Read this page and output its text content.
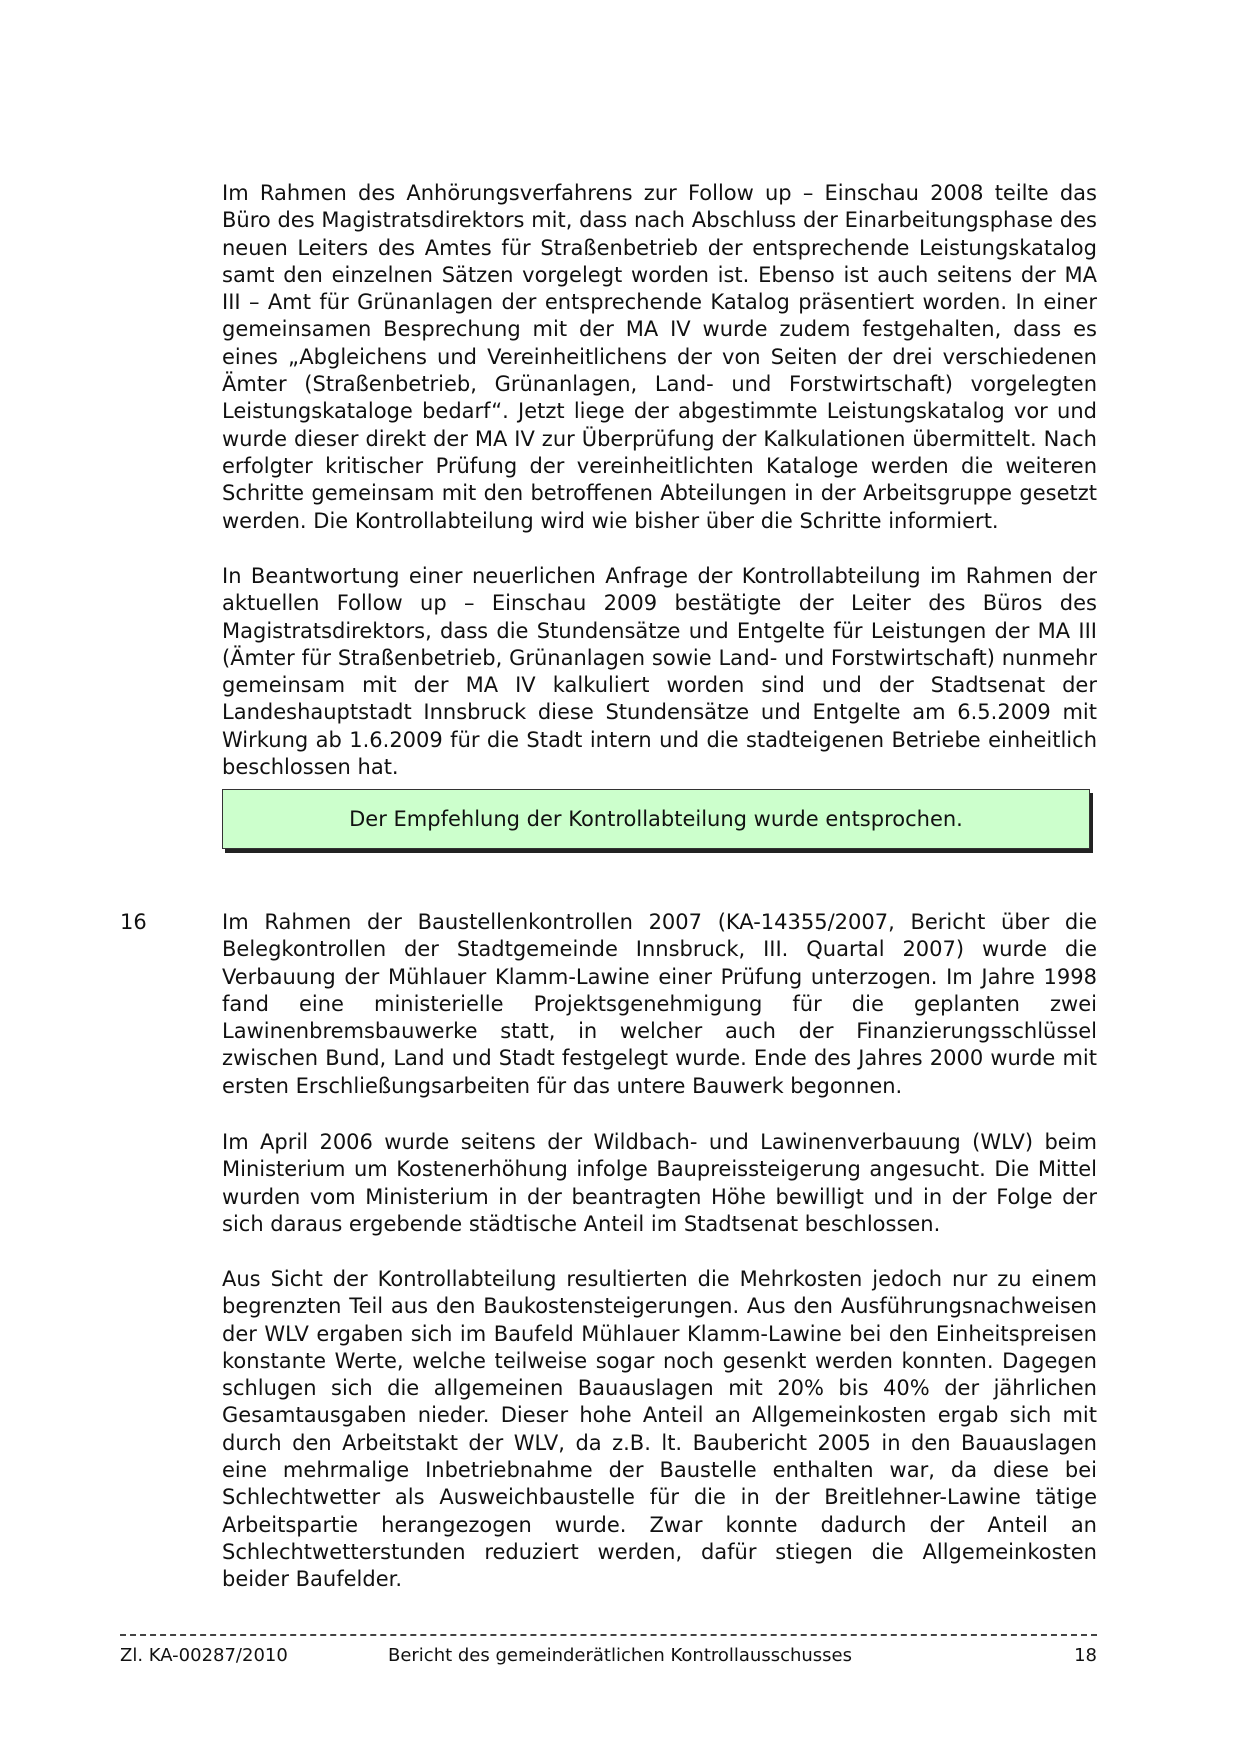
Im Rahmen des Anhörungsverfahrens zur Follow up – Einschau 2008 teilte das Büro des Magistratsdirektors mit, dass nach Abschluss der Einarbeitungsphase des neuen Leiters des Amtes für Straßenbetrieb der entsprechende Leistungskatalog samt den einzelnen Sätzen vorgelegt worden ist. Ebenso ist auch seitens der MA III – Amt für Grünanlagen der entsprechende Katalog präsentiert worden. In einer gemeinsamen Besprechung mit der MA IV wurde zudem festgehalten, dass es eines „Abgleichens und Vereinheitlichens der von Seiten der drei verschiedenen Ämter (Straßenbetrieb, Grünanlagen, Land- und Forstwirtschaft) vorgelegten Leistungskataloge bedarf“. Jetzt liege der abgestimmte Leistungskatalog vor und wurde dieser direkt der MA IV zur Überprüfung der Kalkulationen übermittelt. Nach erfolgter kritischer Prüfung der vereinheitlichten Kataloge werden die weiteren Schritte gemeinsam mit den betroffenen Abteilungen in der Arbeitsgruppe gesetzt werden. Die Kontrollabteilung wird wie bisher über die Schritte informiert.

In Beantwortung einer neuerlichen Anfrage der Kontrollabteilung im Rahmen der aktuellen Follow up – Einschau 2009 bestätigte der Leiter des Büros des Magistratsdirektors, dass die Stundensätze und Entgelte für Leistungen der MA III (Ämter für Straßenbetrieb, Grünanlagen sowie Land- und Forstwirtschaft) nunmehr gemeinsam mit der MA IV kalkuliert worden sind und der Stadtsenat der Landeshauptstadt Innsbruck diese Stundensätze und Entgelte am 6.5.2009 mit Wirkung ab 1.6.2009 für die Stadt intern und die stadteigenen Betriebe einheitlich beschlossen hat.

Der Empfehlung der Kontrollabteilung wurde entsprochen.
16	Im Rahmen der Baustellenkontrollen 2007 (KA-14355/2007, Bericht über die Belegkontrollen der Stadtgemeinde Innsbruck, III. Quartal 2007) wurde die Verbauung der Mühlauer Klamm-Lawine einer Prüfung unterzogen. Im Jahre 1998 fand eine ministerielle Projektsgenehmigung für die geplanten zwei Lawinenbremsbauwerke statt, in welcher auch der Finanzierungsschlüssel zwischen Bund, Land und Stadt festgelegt wurde. Ende des Jahres 2000 wurde mit ersten Erschließungsarbeiten für das untere Bauwerk begonnen.

Im April 2006 wurde seitens der Wildbach- und Lawinenverbauung (WLV) beim Ministerium um Kostenerhöhung infolge Baupreissteigerung angesucht. Die Mittel wurden vom Ministerium in der beantragten Höhe bewilligt und in der Folge der sich daraus ergebende städtische Anteil im Stadtsenat beschlossen.

Aus Sicht der Kontrollabteilung resultierten die Mehrkosten jedoch nur zu einem begrenzten Teil aus den Baukostensteigerungen. Aus den Ausführungsnachweisen der WLV ergaben sich im Baufeld Mühlauer Klamm-Lawine bei den Einheitspreisen konstante Werte, welche teilweise sogar noch gesenkt werden konnten. Dagegen schlugen sich die allgemeinen Bauauslagen mit 20% bis 40% der jährlichen Gesamtausgaben nieder. Dieser hohe Anteil an Allgemeinkosten ergab sich mit durch den Arbeitstakt der WLV, da z.B. lt. Baubericht 2005 in den Bauauslagen eine mehrmalige Inbetriebnahme der Baustelle enthalten war, da diese bei Schlechtwetter als Ausweichbaustelle für die in der Breitlehner-Lawine tätige Arbeitspartie herangezogen wurde. Zwar konnte dadurch der Anteil an Schlechtwetterstunden reduziert werden, dafür stiegen die Allgemeinkosten beider Baufelder.

Zl. KA-00287/2010	Bericht des gemeinderätlichen Kontrollausschusses	18
